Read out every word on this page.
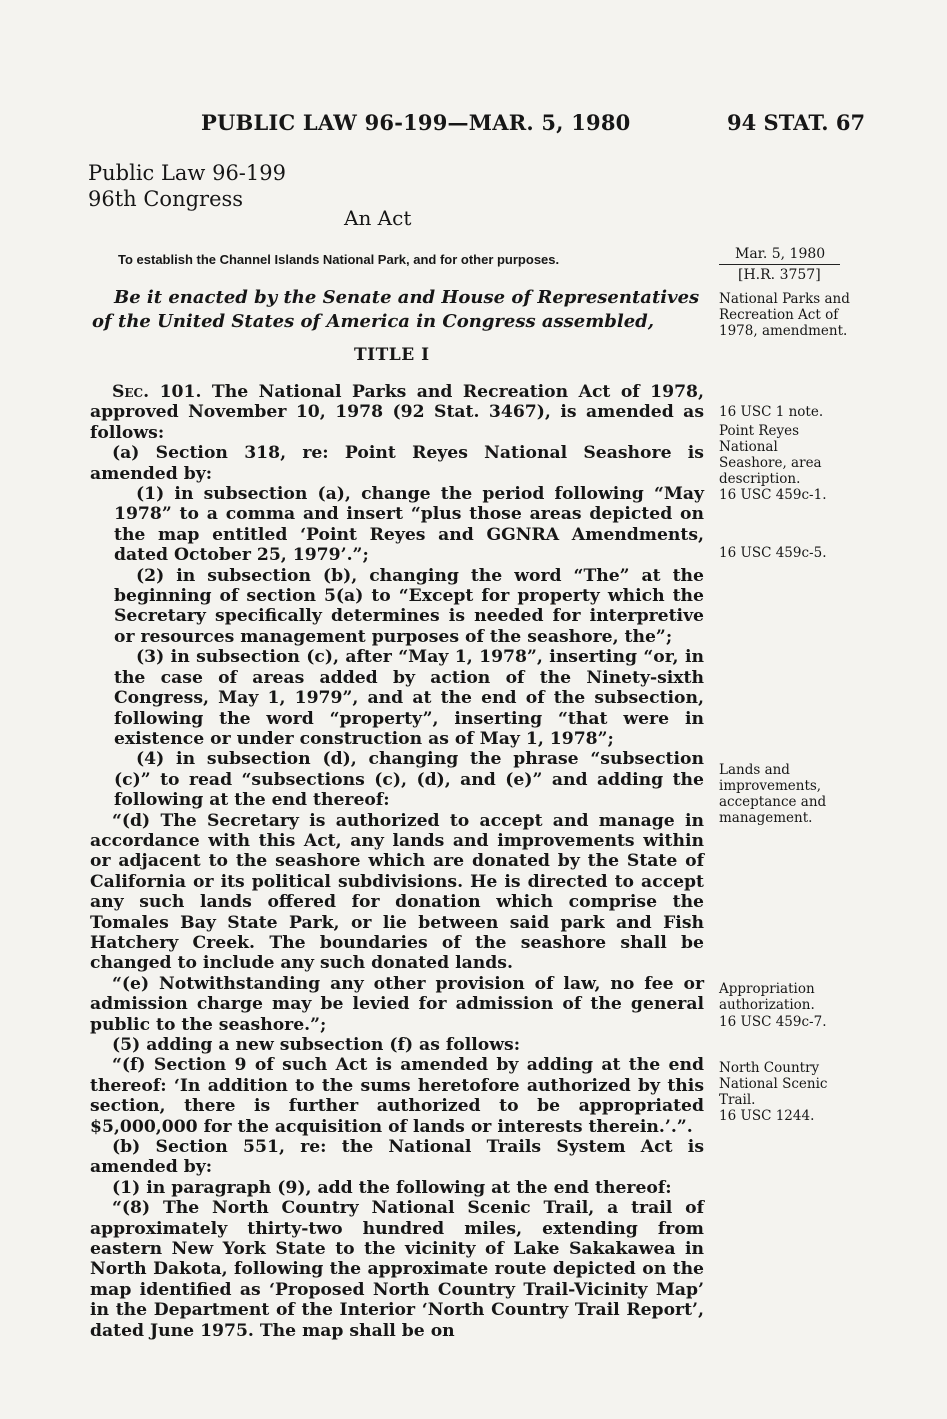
PUBLIC LAW 96-199—MAR. 5, 1980	94 STAT. 67
Public Law 96-199
96th Congress
An Act
To establish the Channel Islands National Park, and for other purposes.	Mar. 5, 1980
[H.R. 3757]
Be it enacted by the Senate and House of Representatives of the United States of America in Congress assembled,
TITLE I

Sec. 101. The National Parks and Recreation Act of 1978, approved November 10, 1978 (92 Stat. 3467), is amended as follows:

(a) Section 318, re: Point Reyes National Seashore is amended by:

(1) in subsection (a), change the period following “May 1978” to a comma and insert “plus those areas depicted on the map entitled ‘Point Reyes and GGNRA Amendments, dated October 25, 1979’.”;

(2) in subsection (b), changing the word “The” at the beginning of section 5(a) to “Except for property which the Secretary specifically determines is needed for interpretive or resources management purposes of the seashore, the”;

(3) in subsection (c), after “May 1, 1978”, inserting “or, in the case of areas added by action of the Ninety-sixth Congress, May 1, 1979”, and at the end of the subsection, following the word “property”, inserting “that were in existence or under construction as of May 1, 1978”;

(4) in subsection (d), changing the phrase “subsection (c)” to read “subsections (c), (d), and (e)” and adding the following at the end thereof:

“(d) The Secretary is authorized to accept and manage in accordance with this Act, any lands and improvements within or adjacent to the seashore which are donated by the State of California or its political subdivisions. He is directed to accept any such lands offered for donation which comprise the Tomales Bay State Park, or lie between said park and Fish Hatchery Creek. The boundaries of the seashore shall be changed to include any such donated lands.

“(e) Notwithstanding any other provision of law, no fee or admission charge may be levied for admission of the general public to the seashore.”;

(5) adding a new subsection (f) as follows:

“(f) Section 9 of such Act is amended by adding at the end thereof: ‘In addition to the sums heretofore authorized by this section, there is further authorized to be appropriated $5,000,000 for the acquisition of lands or interests therein.’.”.

(b) Section 551, re: the National Trails System Act is amended by:

(1) in paragraph (9), add the following at the end thereof:

“(8) The North Country National Scenic Trail, a trail of approximately thirty-two hundred miles, extending from eastern New York State to the vicinity of Lake Sakakawea in North Dakota, following the approximate route depicted on the map identified as ‘Proposed North Country Trail-Vicinity Map’ in the Department of the Interior ‘North Country Trail Report’, dated June 1975. The map shall be on

National Parks and Recreation Act of 1978, amendment.
16 USC 1 note.
Point Reyes National Seashore, area description.
16 USC 459c-1.
16 USC 459c-5.
Lands and improvements, acceptance and management.
Appropriation authorization.
16 USC 459c-7.
North Country National Scenic Trail.
16 USC 1244.
